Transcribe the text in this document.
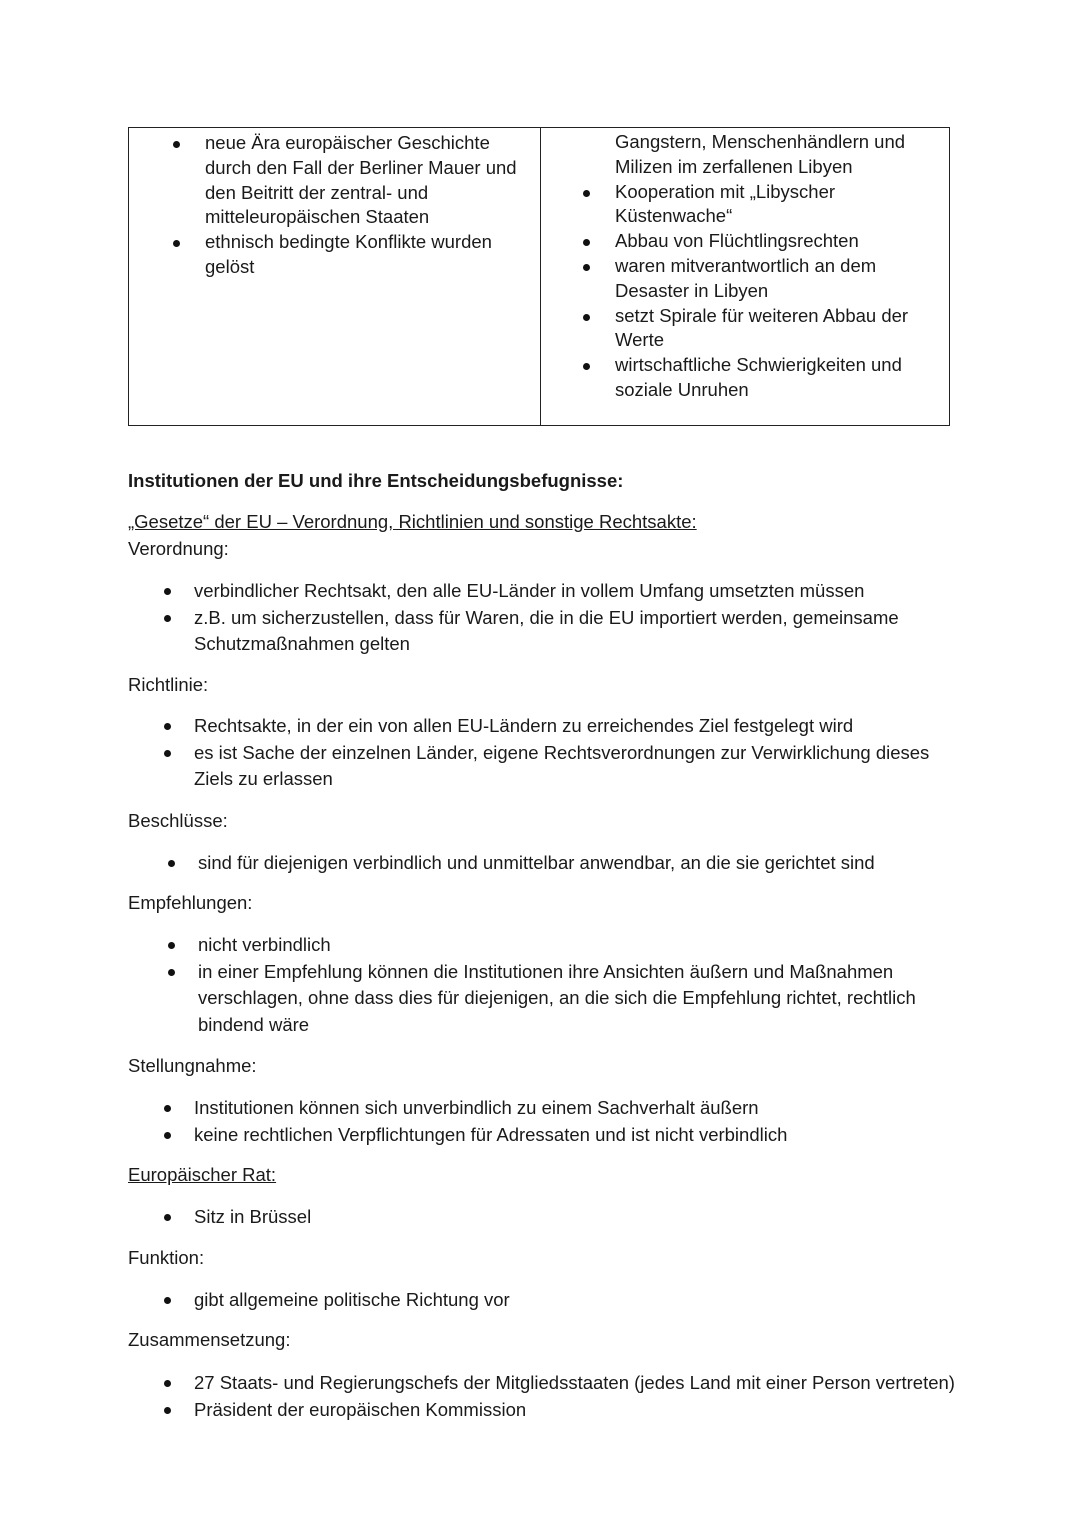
neue Ära europäischer Geschichte durch den Fall der Berliner Mauer und den Beitritt der zentral- und mitteleuropäischen Staaten
ethnisch bedingte Konflikte wurden gelöst
Gangstern, Menschenhändlern und Milizen im zerfallenen Libyen
Kooperation mit „Libyscher Küstenwache“
Abbau von Flüchtlingsrechten
waren mitverantwortlich an dem Desaster in Libyen
setzt Spirale für weiteren Abbau der Werte
wirtschaftliche Schwierigkeiten und soziale Unruhen
Institutionen der EU und ihre Entscheidungsbefugnisse:
„Gesetze“ der EU – Verordnung, Richtlinien und sonstige Rechtsakte:
Verordnung:
verbindlicher Rechtsakt, den alle EU-Länder in vollem Umfang umsetzten müssen
z.B. um sicherzustellen, dass für Waren, die in die EU importiert werden, gemeinsame Schutzmaßnahmen gelten
Richtlinie:
Rechtsakte, in der ein von allen EU-Ländern zu erreichendes Ziel festgelegt wird
es ist Sache der einzelnen Länder, eigene Rechtsverordnungen zur Verwirklichung dieses Ziels zu erlassen
Beschlüsse:
sind für diejenigen verbindlich und unmittelbar anwendbar, an die sie gerichtet sind
Empfehlungen:
nicht verbindlich
in einer Empfehlung können die Institutionen ihre Ansichten äußern und Maßnahmen verschlagen, ohne dass dies für diejenigen, an die sich die Empfehlung richtet, rechtlich bindend wäre
Stellungnahme:
Institutionen können sich unverbindlich zu einem Sachverhalt äußern
keine rechtlichen Verpflichtungen für Adressaten und ist nicht verbindlich
Europäischer Rat:
Sitz in Brüssel
Funktion:
gibt allgemeine politische Richtung vor
Zusammensetzung:
27 Staats- und Regierungschefs der Mitgliedsstaaten (jedes Land mit einer Person vertreten)
Präsident der europäischen Kommission
